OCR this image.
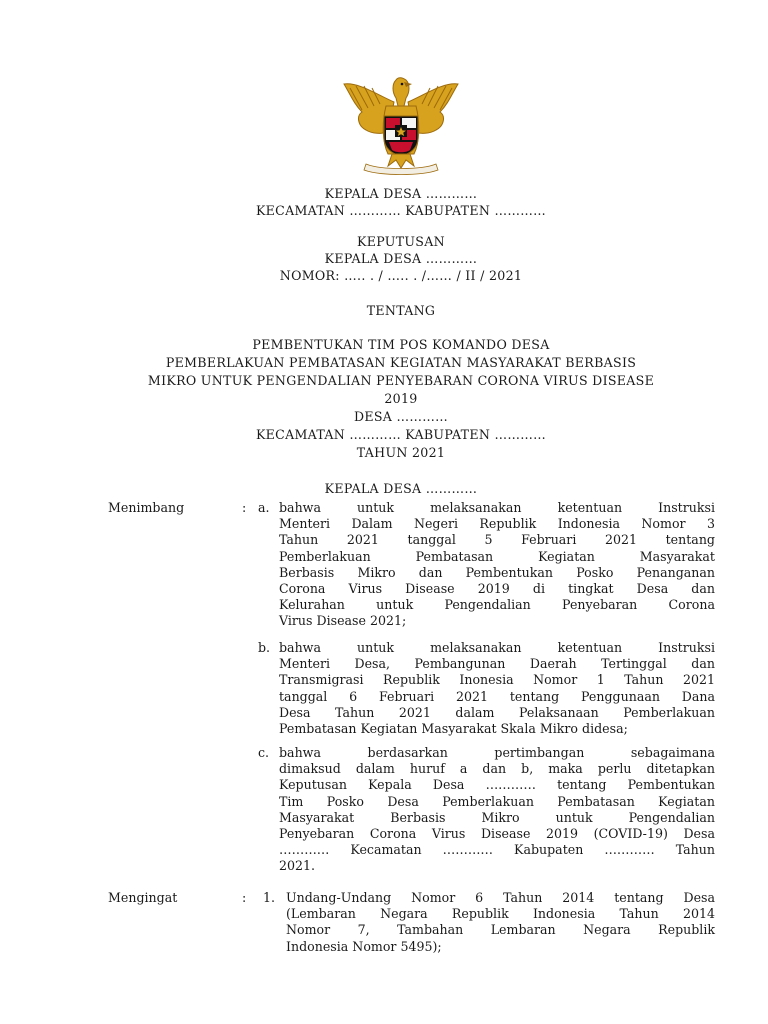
KEPALA DESA …………
KECAMATAN ………… KABUPATEN …………
KEPUTUSAN
KEPALA DESA …………
NOMOR: ….. . / ….. . /…… / II / 2021
TENTANG
PEMBENTUKAN TIM POS KOMANDO DESA
PEMBERLAKUAN PEMBATASAN KEGIATAN MASYARAKAT BERBASIS
MIKRO UNTUK PENGENDALIAN PENYEBARAN CORONA VIRUS DISEASE
2019
DESA …………
KECAMATAN ………… KABUPATEN …………
TAHUN 2021
KEPALA DESA …………
Menimbang	: a. bahwa untuk melaksanakan ketentuan Instruksi
Menteri Dalam Negeri Republik Indonesia Nomor 3
Tahun 2021 tanggal 5 Februari 2021 tentang
Pemberlakuan Pembatasan Kegiatan Masyarakat
Berbasis Mikro dan Pembentukan Posko Penanganan
Corona Virus Disease 2019 di tingkat Desa dan
Kelurahan untuk Pengendalian Penyebaran Corona
Virus Disease 2021;
b. bahwa untuk melaksanakan ketentuan Instruksi
Menteri Desa, Pembangunan Daerah Tertinggal dan
Transmigrasi Republik Inonesia Nomor 1 Tahun 2021
tanggal 6 Februari 2021 tentang Penggunaan Dana
Desa Tahun 2021 dalam Pelaksanaan Pemberlakuan
Pembatasan Kegiatan Masyarakat Skala Mikro didesa;
c. bahwa berdasarkan pertimbangan sebagaimana
dimaksud dalam huruf a dan b, maka perlu ditetapkan
Keputusan Kepala Desa ………… tentang Pembentukan
Tim Posko Desa Pemberlakuan Pembatasan Kegiatan
Masyarakat Berbasis Mikro untuk Pengendalian
Penyebaran Corona Virus Disease 2019 (COVID-19) Desa
………… Kecamatan ………… Kabupaten ………… Tahun
2021.
Mengingat	: 1. Undang-Undang Nomor 6 Tahun 2014 tentang Desa
(Lembaran Negara Republik Indonesia Tahun 2014
Nomor 7, Tambahan Lembaran Negara Republik
Indonesia Nomor 5495);
